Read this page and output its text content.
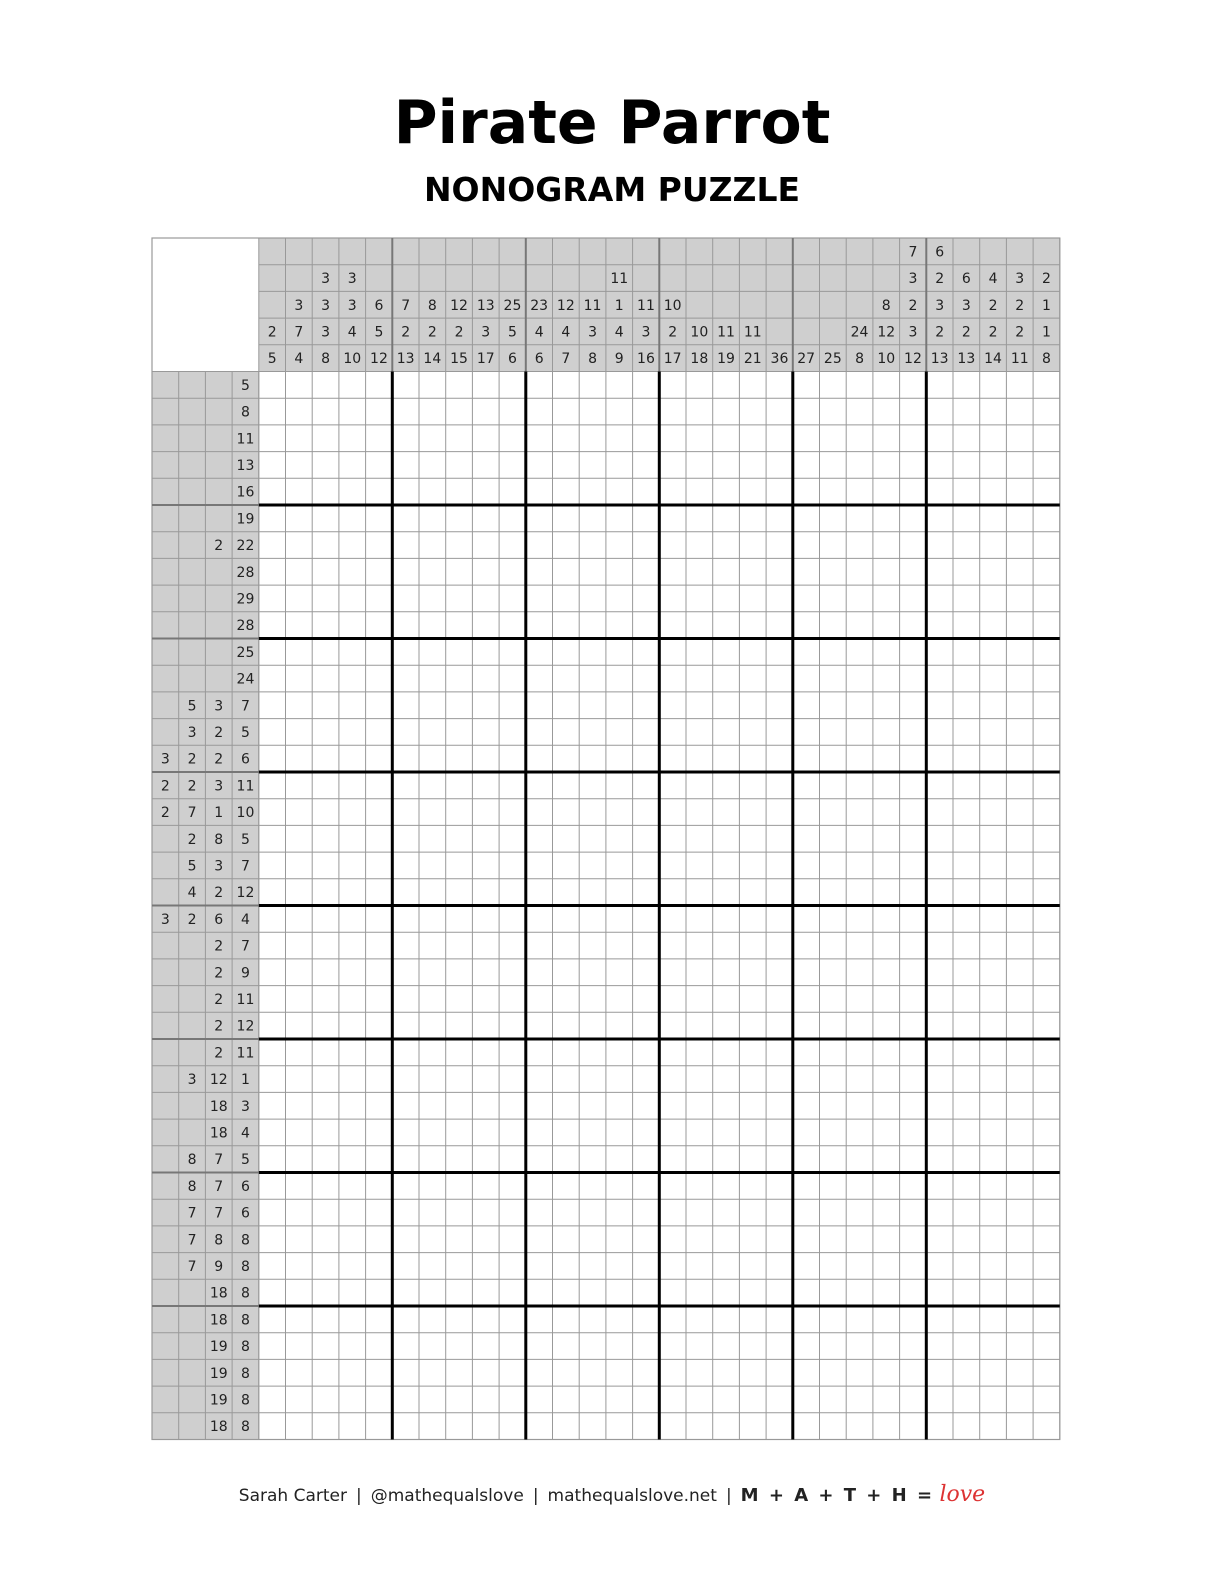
Pirate Parrot
NONOGRAM PUZZLE
2
5
3
7
4
3
3
3
8
3
3
4
10
6
5
12
7
2
13
8
2
14
12
2
15
13
3
17
25
5
6
23
4
6
12
4
7
11
3
8
11
1
4
9
11
3
16
10
2
17
10
18
11
19
11
21 36 27 25
24
8
8
12
10
7
3
2
3
12
6
2
3
2
13
6
3
2
13
4
2
2
14
3
2
2
11
2
1
1
8
5
8
11
13
16
19
2 22
28
29
28
25
24
5 3 7
3 2 5
3 2 2 6
2 2 3 11
2 7 1 10
2 8 5
5 3 7
4 2 12
3 2 6 4
2 7
2 9
2 11
2 12
2 11
3 12 1
18 3
18 4
8 7 5
8 7 6
7 7 6
7 8 8
7 9 8
18 8
18 8
19 8
19 8
19 8
18 8
Sarah Carter | @mathequalslove | mathequalslove.net | M + A + T + H = love
